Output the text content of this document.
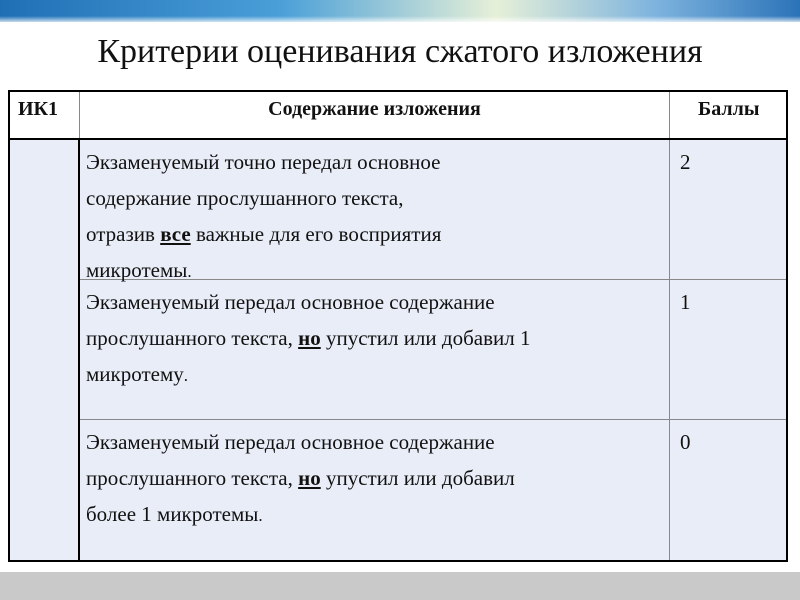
Критерии оценивания сжатого изложения
ИК1	Содержание изложения	Баллы
Экзаменуемый точно передал основное
содержание прослушанного текста,
отразив все важные для его восприятия
микротемы.
2
Экзаменуемый передал основное содержание
прослушанного текста, но упустил или добавил 1
микротему.
1
Экзаменуемый передал основное содержание
прослушанного текста, но упустил или добавил
более 1 микротемы.
0
